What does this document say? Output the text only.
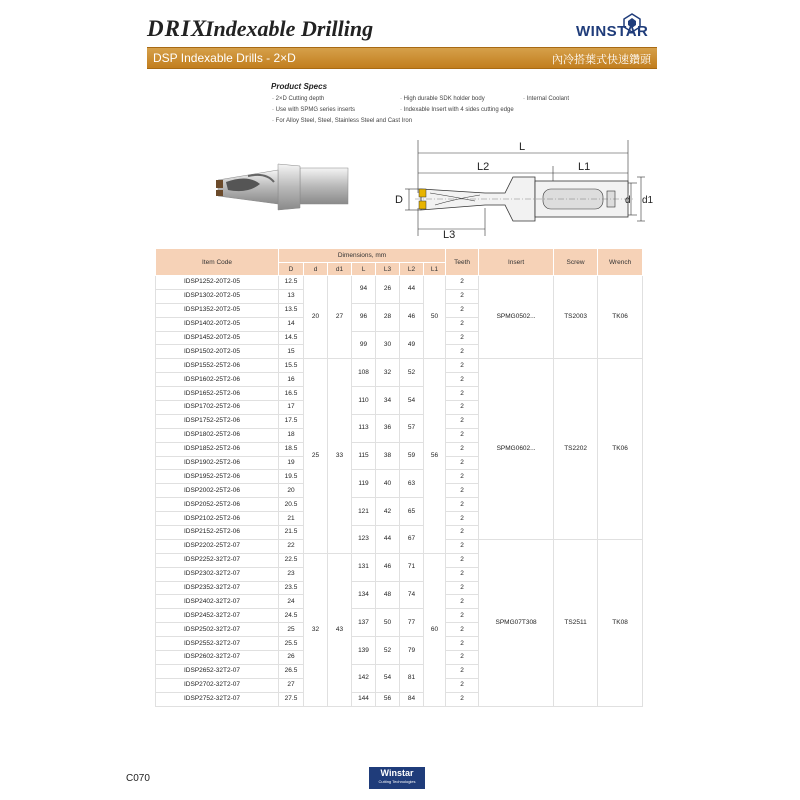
DRIX
Indexable Drilling	WINSTAR
DSP Indexable Drills - 2×D	內冷搭葉式快速鑽頭
Product Specs
· 2×D Cutting depth	· High durable SDK holder body	· Internal Coolant
· Use with SPMG series inserts	· Indexable Insert with 4 sides cutting edge
· For Alloy Steel, Steel, Stainless Steel and Cast Iron
L
L2	L1
L3
D	d d1
Item Code	Dimensions, mm							Teeth	Insert	Screw	Wrench
	D	d	d1	L	L3	L2	L1				
IDSP1252-20T2-05	12.5	20	27	94	26	44	50	2	SPMG0502...	TS2003	TK06
IDSP1302-20T2-05	13							2			
IDSP1352-20T2-05	13.5			96	28	46		2			
IDSP1402-20T2-05	14							2			
IDSP1452-20T2-05	14.5			99	30	49		2			
IDSP1502-20T2-05	15							2			
IDSP1552-25T2-06	15.5	25	33	108	32	52	56	2	SPMG0602...	TS2202	TK06
IDSP1602-25T2-06	16							2			
IDSP1652-25T2-06	16.5			110	34	54		2			
IDSP1702-25T2-06	17							2			
IDSP1752-25T2-06	17.5			113	36	57		2			
IDSP1802-25T2-06	18							2			
IDSP1852-25T2-06	18.5			115	38	59		2			
IDSP1902-25T2-06	19							2			
IDSP1952-25T2-06	19.5			119	40	63		2			
IDSP2002-25T2-06	20							2			
IDSP2052-25T2-06	20.5			121	42	65		2			
IDSP2102-25T2-06	21							2			
IDSP2152-25T2-06	21.5			123	44	67		2			
IDSP2202-25T2-07	22							2	SPMG07T308	TS2511	TK08
IDSP2252-32T2-07	22.5	32	43	131	46	71	60	2			
IDSP2302-32T2-07	23							2			
IDSP2352-32T2-07	23.5			134	48	74		2			
IDSP2402-32T2-07	24							2			
IDSP2452-32T2-07	24.5			137	50	77		2			
IDSP2502-32T2-07	25							2			
IDSP2552-32T2-07	25.5			139	52	79		2			
IDSP2602-32T2-07	26							2			
IDSP2652-32T2-07	26.5			142	54	81		2			
IDSP2702-32T2-07	27							2			
IDSP2752-32T2-07	27.5			144	56	84		2			
C070	Winstar
Cutting Technologies
